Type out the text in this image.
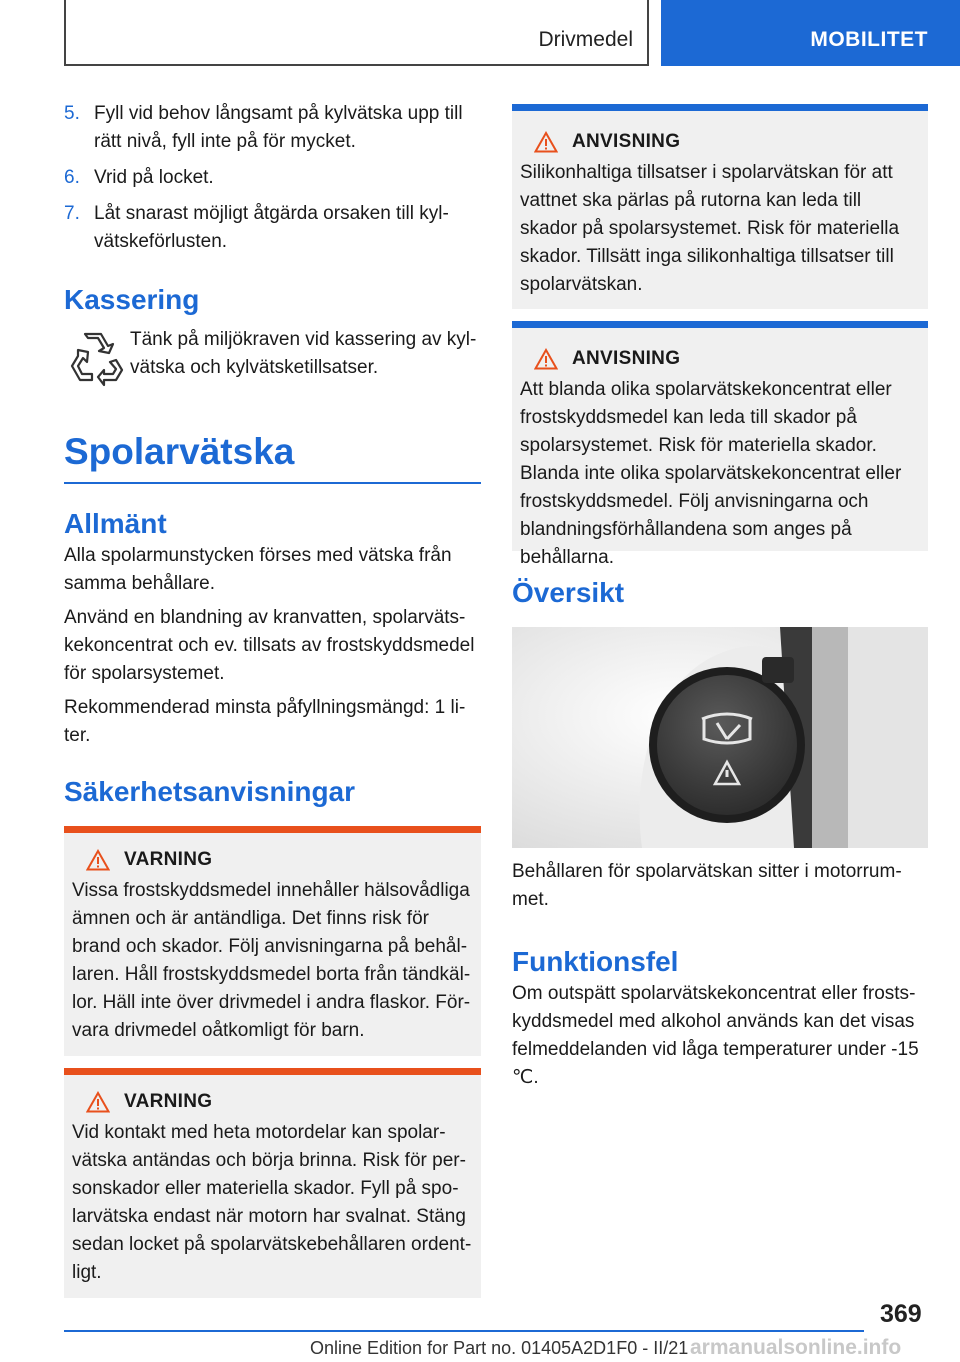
Drivmedel	MOBILITET
5. Fyll vid behov långsamt på kylvätska upp till rätt nivå, fyll inte på för mycket.
6. Vrid på locket.
7. Låt snarast möjligt åtgärda orsaken till kylvätskeförlusten.
Kassering

Tänk på miljökraven vid kassering av kylvätska och kylvätsketillsatser.

Spolarvätska
Allmänt

Alla spolarmunstycken förses med vätska från samma behållare.

Använd en blandning av kranvatten, spolarvätskekoncentrat och ev. tillsats av frostskyddsmedel för spolarsystemet.

Rekommenderad minsta påfyllningsmängd: 1 liter.

Säkerhetsanvisningar
VARNING

Vissa frostskyddsmedel innehåller hälsovådliga ämnen och är antändliga. Det finns risk för brand och skador. Följ anvisningarna på behållaren. Håll frostskyddsmedel borta från tändkällor. Häll inte över drivmedel i andra flaskor. Förvara drivmedel oåtkomligt för barn.

VARNING

Vid kontakt med heta motordelar kan spolarvätska antändas och börja brinna. Risk för personskador eller materiella skador. Fyll på spolarvätska endast när motorn har svalnat. Stäng sedan locket på spolarvätskebehållaren ordentligt.

ANVISNING

Silikonhaltiga tillsatser i spolarvätskan för att vattnet ska pärlas på rutorna kan leda till skador på spolarsystemet. Risk för materiella skador. Tillsätt inga silikonhaltiga tillsatser till spolarvätskan.

ANVISNING

Att blanda olika spolarvätskekoncentrat eller frostskyddsmedel kan leda till skador på spolarsystemet. Risk för materiella skador. Blanda inte olika spolarvätskekoncentrat eller frostskyddsmedel. Följ anvisningarna och blandningsförhållandena som anges på behållarna.

Översikt

Behållaren för spolarvätskan sitter i motorrummet.

Funktionsfel

Om outspätt spolarvätskekoncentrat eller frostskyddsmedel med alkohol används kan det visas felmeddelanden vid låga temperaturer under -15 ℃.

369
Online Edition for Part no. 01405A2D1F0 - II/21 armanualsonline.info
